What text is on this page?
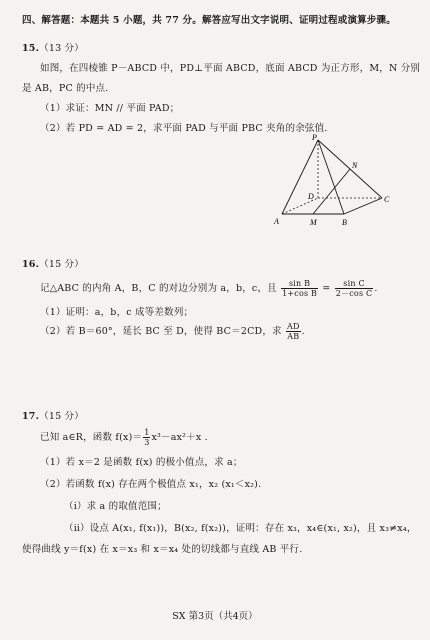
四、解答题：本题共 5 小题，共 77 分。解答应写出文字说明、证明过程或演算步骤。
15.（13 分）
如图，在四棱锥 P－ABCD 中，PD⊥平面 ABCD，底面 ABCD 为正方形，M，N 分别
是 AB，PC 的中点.
（1）求证：MN // 平面 PAD；
（2）若 PD = AD = 2，求平面 PAD 与平面 PBC 夹角的余弦值.
P
N
D	C
A	M	B
16.（15 分）
记△ABC 的内角 A，B，C 的对边分别为 a，b，c，且 $\frac{\text{sin B}}{\text{1+cos B}} = \frac{\text{sin C}}{\text{2－cos C}}$ .
（1）证明：a，b，c 成等差数列；
（2）若 B＝60°，延长 BC 至 D，使得 BC＝2CD，求 $\frac{AD}{AB}$ .
17.（15 分）
已知 a∈R，函数 $f(x)= \frac{1}{3} x^3-ax^2+x$ .
（1）若 x＝2 是函数 f(x) 的极小值点，求 a；
（2）若函数 f(x) 存在两个极值点 x₁，x₂ (x₁＜x₂).
（ⅰ）求 a 的取值范围；
（ⅱ）设点 A(x₁, f(x₁))，B(x₂, f(x₂))，证明：存在 x₃，x₄∈(x₁, x₂)，且 x₃≠x₄，
使得曲线 y＝f(x) 在 x＝x₃ 和 x＝x₄ 处的切线都与直线 AB 平行.
SX 第3页（共4页）
